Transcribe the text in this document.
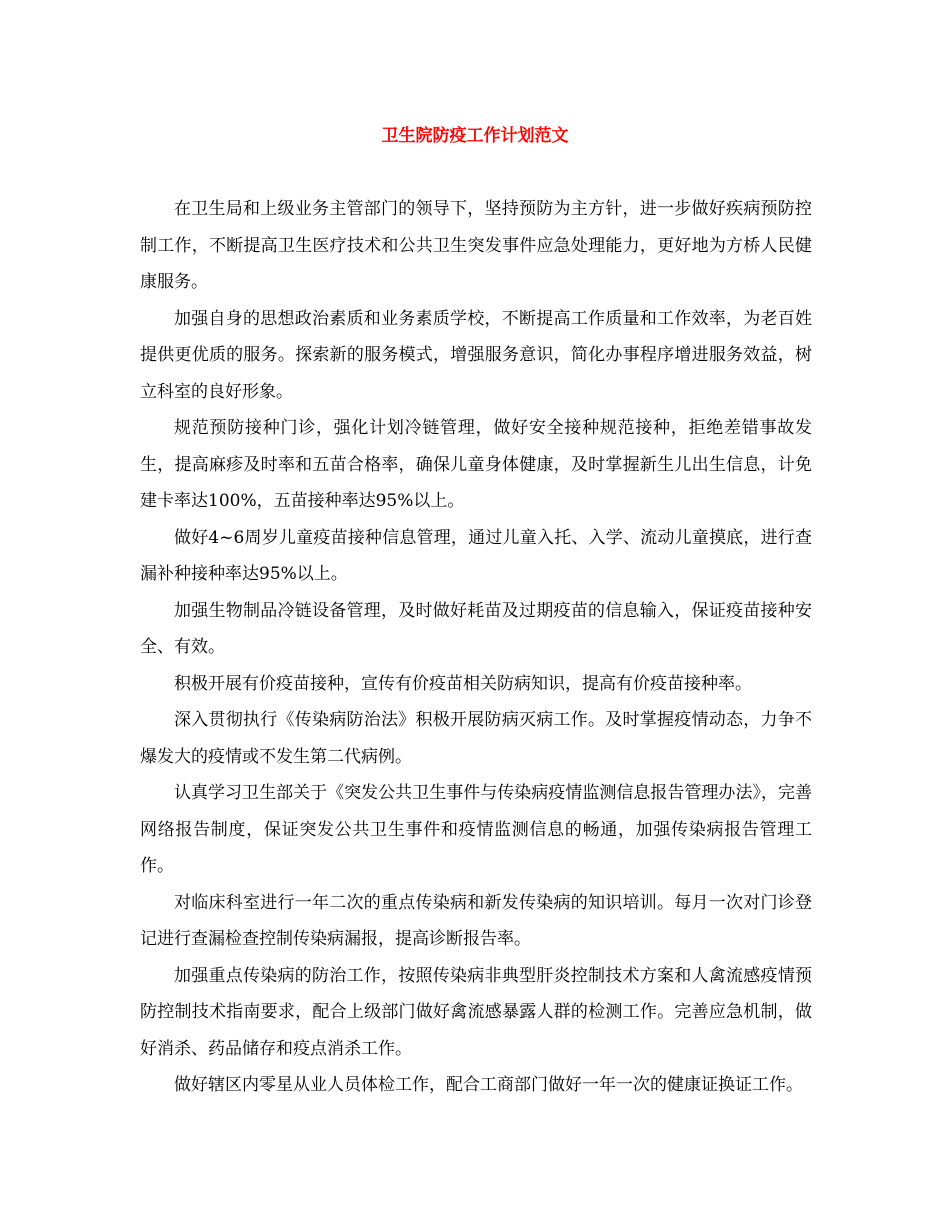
卫生院防疫工作计划范文

在卫生局和上级业务主管部门的领导下，坚持预防为主方针，进一步做好疾病预防控制工作，不断提高卫生医疗技术和公共卫生突发事件应急处理能力，更好地为方桥人民健康服务。

加强自身的思想政治素质和业务素质学校，不断提高工作质量和工作效率，为老百姓提供更优质的服务。探索新的服务模式，增强服务意识，简化办事程序增进服务效益，树立科室的良好形象。

规范预防接种门诊，强化计划冷链管理，做好安全接种规范接种，拒绝差错事故发生，提高麻疹及时率和五苗合格率，确保儿童身体健康，及时掌握新生儿出生信息，计免建卡率达100%，五苗接种率达95%以上。

做好4~6周岁儿童疫苗接种信息管理，通过儿童入托、入学、流动儿童摸底，进行查漏补种接种率达95%以上。

加强生物制品冷链设备管理，及时做好耗苗及过期疫苗的信息输入，保证疫苗接种安全、有效。

积极开展有价疫苗接种，宣传有价疫苗相关防病知识，提高有价疫苗接种率。

深入贯彻执行《传染病防治法》积极开展防病灭病工作。及时掌握疫情动态，力争不爆发大的疫情或不发生第二代病例。

认真学习卫生部关于《突发公共卫生事件与传染病疫情监测信息报告管理办法》，完善网络报告制度，保证突发公共卫生事件和疫情监测信息的畅通，加强传染病报告管理工作。

对临床科室进行一年二次的重点传染病和新发传染病的知识培训。每月一次对门诊登记进行查漏检查控制传染病漏报，提高诊断报告率。

加强重点传染病的防治工作，按照传染病非典型肝炎控制技术方案和人禽流感疫情预防控制技术指南要求，配合上级部门做好禽流感暴露人群的检测工作。完善应急机制，做好消杀、药品储存和疫点消杀工作。

做好辖区内零星从业人员体检工作，配合工商部门做好一年一次的健康证换证工作。
